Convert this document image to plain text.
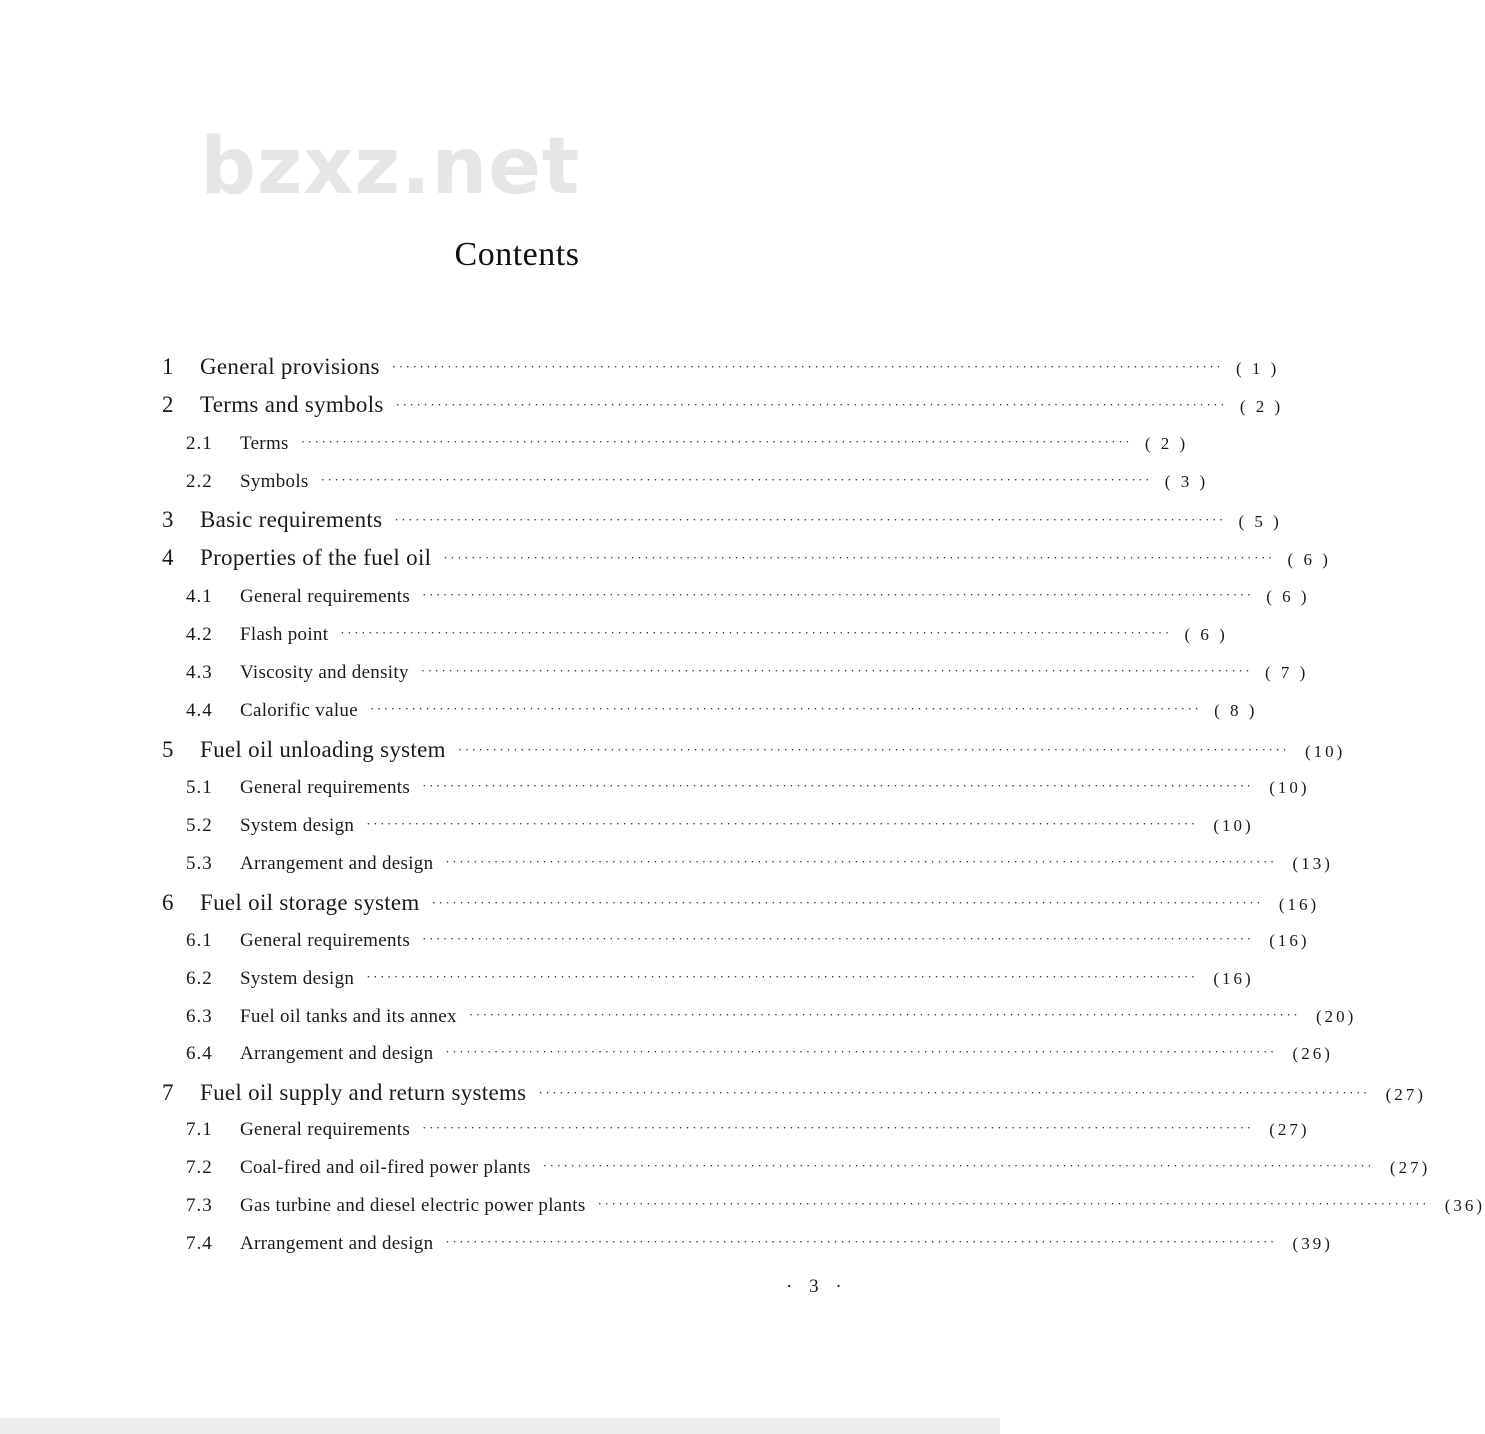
bzxz.net
Contents
1	General provisions ························································································································ ( 1 )
2	Terms and symbols ························································································································ ( 2 )
2.1	Terms ························································································································ ( 2 )
2.2	Symbols ························································································································ ( 3 )
3	Basic requirements ························································································································ ( 5 )
4	Properties of the fuel oil ························································································································ ( 6 )
4.1	General requirements ························································································································ ( 6 )
4.2	Flash point ························································································································ ( 6 )
4.3	Viscosity and density ························································································································ ( 7 )
4.4	Calorific value ························································································································ ( 8 )
5	Fuel oil unloading system ························································································································ (10)
5.1	General requirements ························································································································ (10)
5.2	System design ························································································································ (10)
5.3	Arrangement and design ························································································································ (13)
6	Fuel oil storage system ························································································································ (16)
6.1	General requirements ························································································································ (16)
6.2	System design ························································································································ (16)
6.3	Fuel oil tanks and its annex ························································································································ (20)
6.4	Arrangement and design ························································································································ (26)
7	Fuel oil supply and return systems ························································································································ (27)
7.1	General requirements ························································································································ (27)
7.2	Coal-fired and oil-fired power plants ························································································································ (27)
7.3	Gas turbine and diesel electric power plants ························································································································ (36)
7.4	Arrangement and design ························································································································ (39)
· 3 ·
